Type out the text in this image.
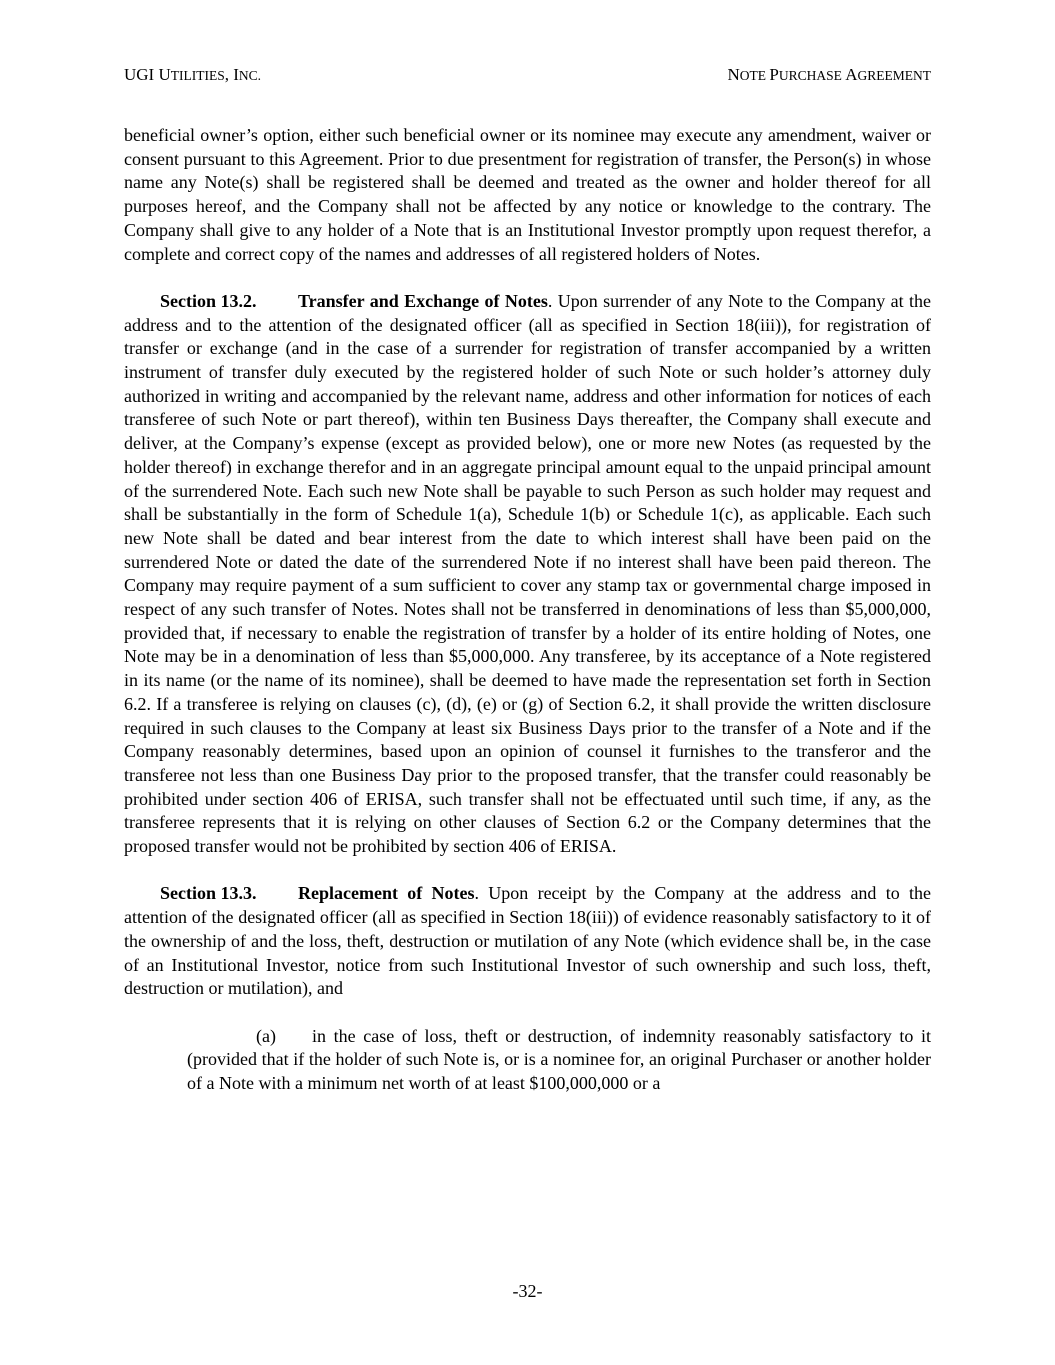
UGI UTILITIES, INC.	NOTE PURCHASE AGREEMENT

beneficial owner’s option, either such beneficial owner or its nominee may execute any amendment, waiver or consent pursuant to this Agreement. Prior to due presentment for registration of transfer, the Person(s) in whose name any Note(s) shall be registered shall be deemed and treated as the owner and holder thereof for all purposes hereof, and the Company shall not be affected by any notice or knowledge to the contrary. The Company shall give to any holder of a Note that is an Institutional Investor promptly upon request therefor, a complete and correct copy of the names and addresses of all registered holders of Notes.

Section 13.2. Transfer and Exchange of Notes. Upon surrender of any Note to the Company at the address and to the attention of the designated officer (all as specified in Section 18(iii)), for registration of transfer or exchange (and in the case of a surrender for registration of transfer accompanied by a written instrument of transfer duly executed by the registered holder of such Note or such holder’s attorney duly authorized in writing and accompanied by the relevant name, address and other information for notices of each transferee of such Note or part thereof), within ten Business Days thereafter, the Company shall execute and deliver, at the Company’s expense (except as provided below), one or more new Notes (as requested by the holder thereof) in exchange therefor and in an aggregate principal amount equal to the unpaid principal amount of the surrendered Note. Each such new Note shall be payable to such Person as such holder may request and shall be substantially in the form of Schedule 1(a), Schedule 1(b) or Schedule 1(c), as applicable. Each such new Note shall be dated and bear interest from the date to which interest shall have been paid on the surrendered Note or dated the date of the surrendered Note if no interest shall have been paid thereon. The Company may require payment of a sum sufficient to cover any stamp tax or governmental charge imposed in respect of any such transfer of Notes. Notes shall not be transferred in denominations of less than $5,000,000, provided that, if necessary to enable the registration of transfer by a holder of its entire holding of Notes, one Note may be in a denomination of less than $5,000,000. Any transferee, by its acceptance of a Note registered in its name (or the name of its nominee), shall be deemed to have made the representation set forth in Section 6.2. If a transferee is relying on clauses (c), (d), (e) or (g) of Section 6.2, it shall provide the written disclosure required in such clauses to the Company at least six Business Days prior to the transfer of a Note and if the Company reasonably determines, based upon an opinion of counsel it furnishes to the transferor and the transferee not less than one Business Day prior to the proposed transfer, that the transfer could reasonably be prohibited under section 406 of ERISA, such transfer shall not be effectuated until such time, if any, as the transferee represents that it is relying on other clauses of Section 6.2 or the Company determines that the proposed transfer would not be prohibited by section 406 of ERISA.

Section 13.3. Replacement of Notes. Upon receipt by the Company at the address and to the attention of the designated officer (all as specified in Section 18(iii)) of evidence reasonably satisfactory to it of the ownership of and the loss, theft, destruction or mutilation of any Note (which evidence shall be, in the case of an Institutional Investor, notice from such Institutional Investor of such ownership and such loss, theft, destruction or mutilation), and

(a) in the case of loss, theft or destruction, of indemnity reasonably satisfactory to it (provided that if the holder of such Note is, or is a nominee for, an original Purchaser or another holder of a Note with a minimum net worth of at least $100,000,000 or a

-32-
